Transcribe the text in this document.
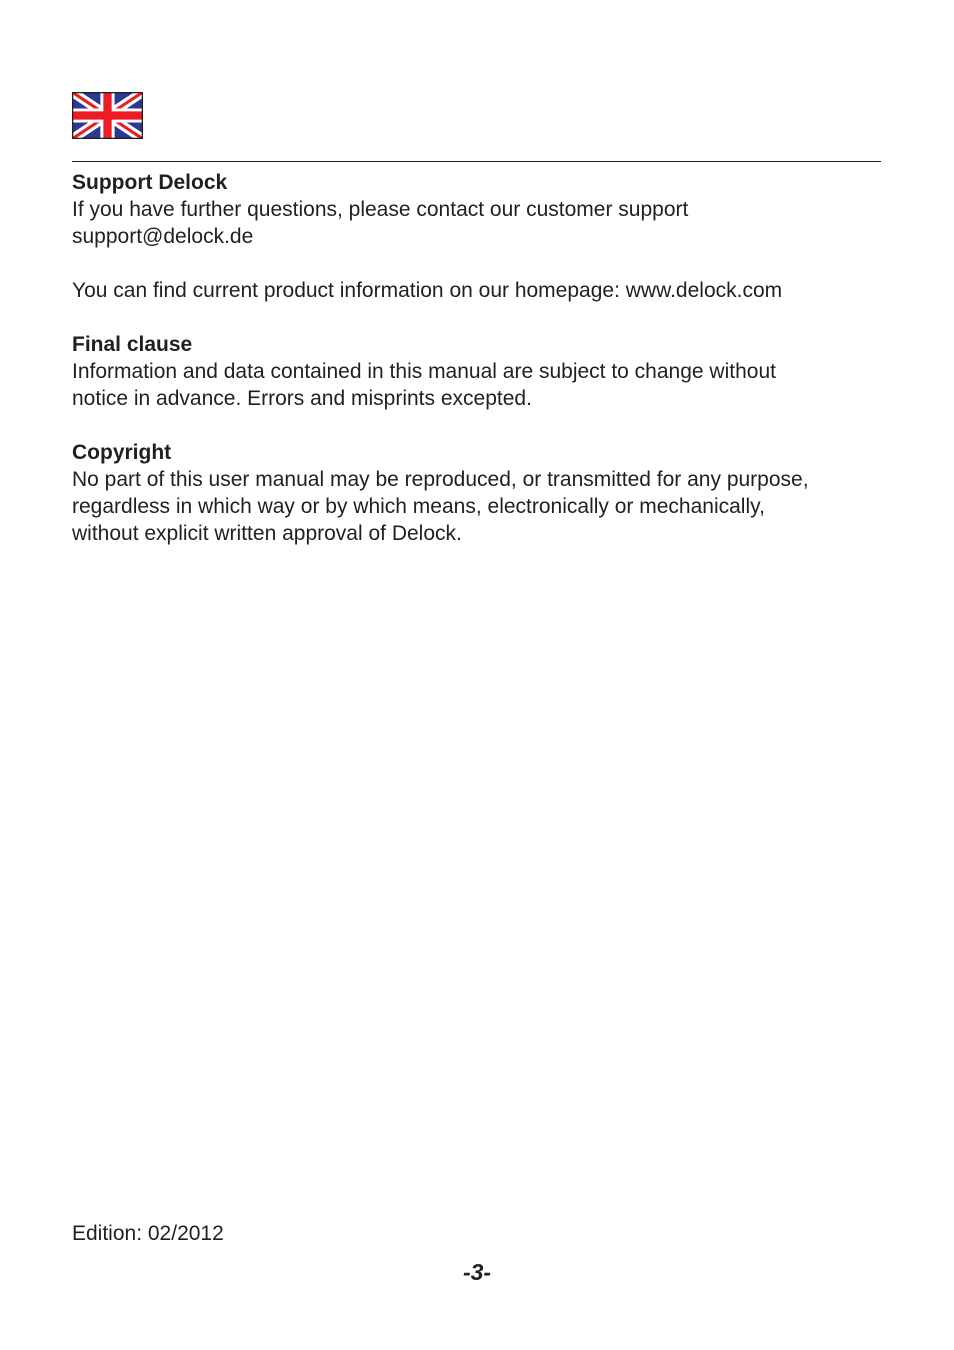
Support Delock
If you have further questions, please contact our customer support
support@delock.de
You can find current product information on our homepage: www.delock.com
Final clause
Information and data contained in this manual are subject to change without
notice in advance. Errors and misprints excepted.
Copyright
No part of this user manual may be reproduced, or transmitted for any purpose,
regardless in which way or by which means, electronically or mechanically,
without explicit written approval of Delock.
Edition: 02/2012
-3-
